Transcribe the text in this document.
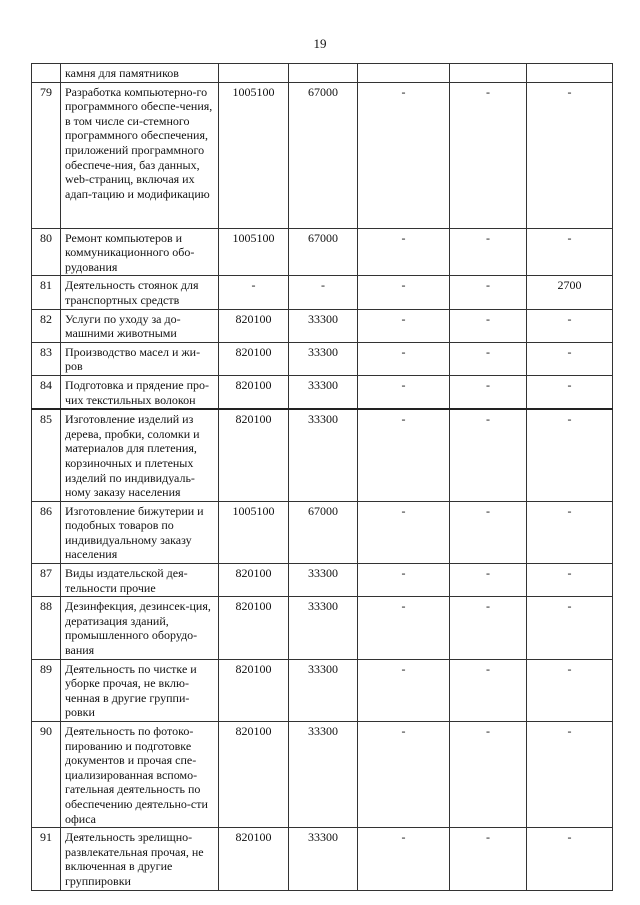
19
	камня для памятников					
79	Разработка компьютерно-го программного обеспе-чения, в том числе си-стемного программного обеспечения, приложений программного обеспече-ния, баз данных, web-страниц, включая их адап-тацию и модификацию	1005100	67000	-	-	-
80	Ремонт компьютеров и коммуникационного обо-рудования	1005100	67000	-	-	-
81	Деятельность стоянок для транспортных средств	-	-	-	-	2700
82	Услуги по уходу за до-машними животными	820100	33300	-	-	-
83	Производство масел и жи-ров	820100	33300	-	-	-
84	Подготовка и прядение про-чих текстильных волокон	820100	33300	-	-	-
85	Изготовление изделий из дерева, пробки, соломки и материалов для плетения, корзиночных и плетеных изделий по индивидуаль-ному заказу населения	820100	33300	-	-	-
86	Изготовление бижутерии и подобных товаров по индивидуальному заказу населения	1005100	67000	-	-	-
87	Виды издательской дея-тельности прочие	820100	33300	-	-	-
88	Дезинфекция, дезинсек-ция, дератизация зданий, промышленного оборудо-вания	820100	33300	-	-	-
89	Деятельность по чистке и уборке прочая, не вклю-ченная в другие группи-ровки	820100	33300	-	-	-
90	Деятельность по фотоко-пированию и подготовке документов и прочая спе-циализированная вспомо-гательная деятельность по обеспечению деятельно-сти офиса	820100	33300	-	-	-
91	Деятельность зрелищно-развлекательная прочая, не включенная в другие группировки	820100	33300	-	-	-
